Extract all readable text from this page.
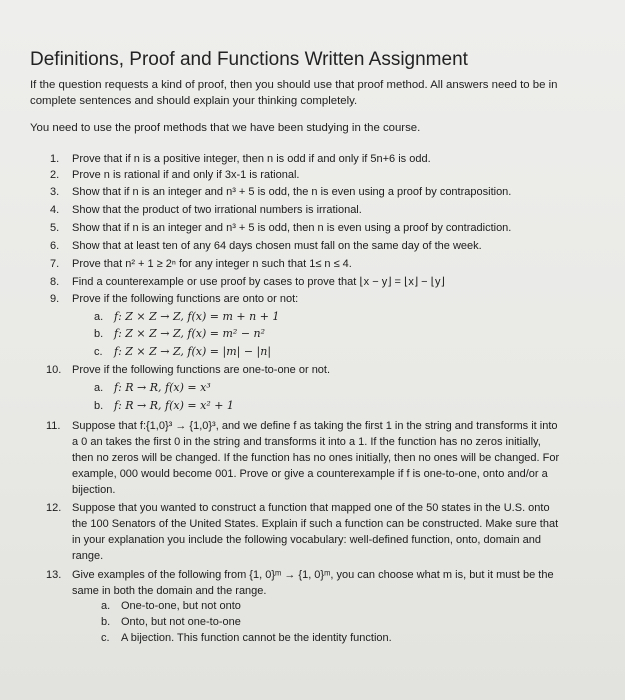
Definitions, Proof and Functions Written Assignment
If the question requests a kind of proof, then you should use that proof method. All answers need to be in complete sentences and should explain your thinking completely.
You need to use the proof methods that we have been studying in the course.
1. Prove that if n is a positive integer, then n is odd if and only if 5n+6 is odd.
2. Prove n is rational if and only if 3x-1 is rational.
3. Show that if n is an integer and n³ + 5 is odd, the n is even using a proof by contraposition.
4. Show that the product of two irrational numbers is irrational.
5. Show that if n is an integer and n³ + 5 is odd, then n is even using a proof by contradiction.
6. Show that at least ten of any 64 days chosen must fall on the same day of the week.
7. Prove that n² + 1 ≥ 2ⁿ for any integer n such that 1≤ n ≤ 4.
8. Find a counterexample or use proof by cases to prove that ⌊x − y⌋ = ⌊x⌋ − ⌊y⌋
9. Prove if the following functions are onto or not:
a. f: Z × Z → Z, f(x) = m + n + 1
b. f: Z × Z → Z, f(x) = m² − n²
c. f: Z × Z → Z, f(x) = |m| − |n|
10. Prove if the following functions are one-to-one or not.
a. f: R → R, f(x) = x³
b. f: R → R, f(x) = x² + 1
11. Suppose that f:{1,0}³ → {1,0}³, and we define f as taking the first 1 in the string and transforms it into a 0 an takes the first 0 in the string and transforms it into a 1. If the function has no zeros initially, then no zeros will be changed. If the function has no ones initially, then no ones will be changed. For example, 000 would become 001. Prove or give a counterexample if f is one-to-one, onto and/or a bijection.
12. Suppose that you wanted to construct a function that mapped one of the 50 states in the U.S. onto the 100 Senators of the United States. Explain if such a function can be constructed. Make sure that in your explanation you include the following vocabulary: well-defined function, onto, domain and range.
13. Give examples of the following from {1, 0}ᵐ → {1, 0}ᵐ, you can choose what m is, but it must be the same in both the domain and the range.
a. One-to-one, but not onto
b. Onto, but not one-to-one
c. A bijection. This function cannot be the identity function.
